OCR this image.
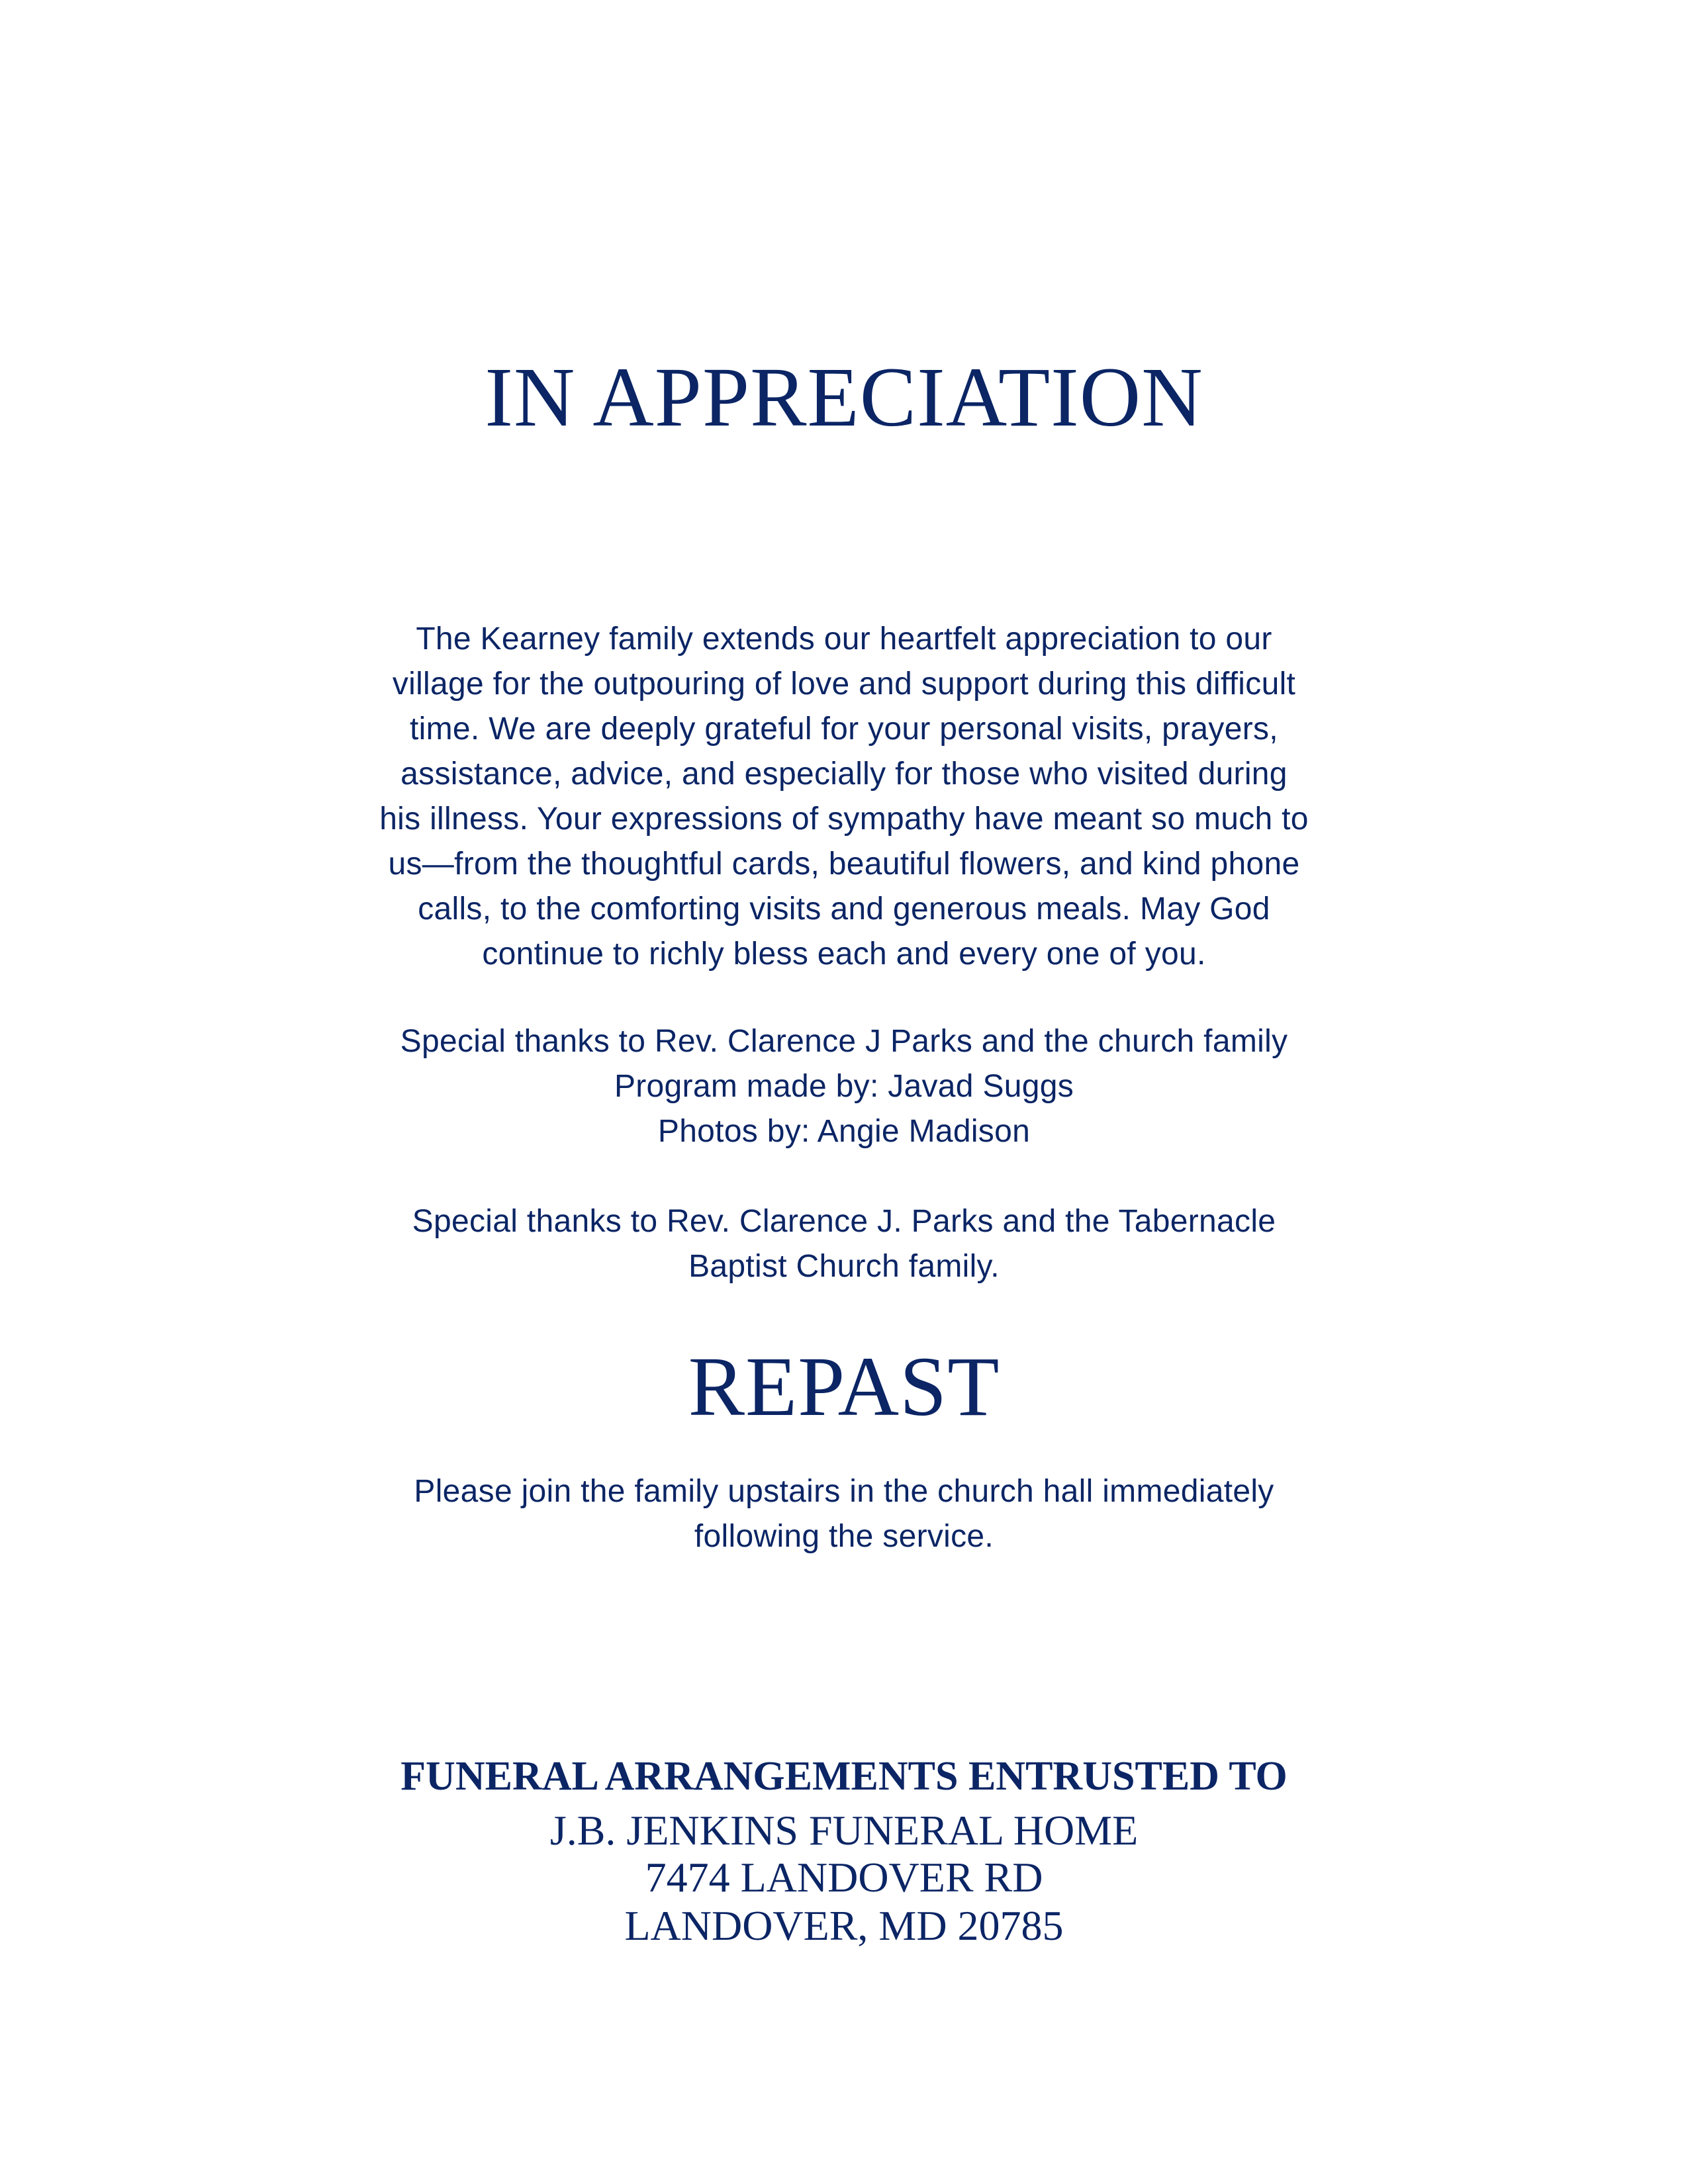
IN APPRECIATION
The Kearney family extends our heartfelt appreciation to our
village for the outpouring of love and support during this difficult
time. We are deeply grateful for your personal visits, prayers,
assistance, advice, and especially for those who visited during
his illness. Your expressions of sympathy have meant so much to
us—from the thoughtful cards, beautiful flowers, and kind phone
calls, to the comforting visits and generous meals. May God
continue to richly bless each and every one of you.
Special thanks to Rev. Clarence J Parks and the church family
Program made by: Javad Suggs
Photos by: Angie Madison
Special thanks to Rev. Clarence J. Parks and the Tabernacle
Baptist Church family.
REPAST
Please join the family upstairs in the church hall immediately
following the service.
FUNERAL ARRANGEMENTS ENTRUSTED TO
J.B. JENKINS FUNERAL HOME
7474 LANDOVER RD
LANDOVER, MD 20785
